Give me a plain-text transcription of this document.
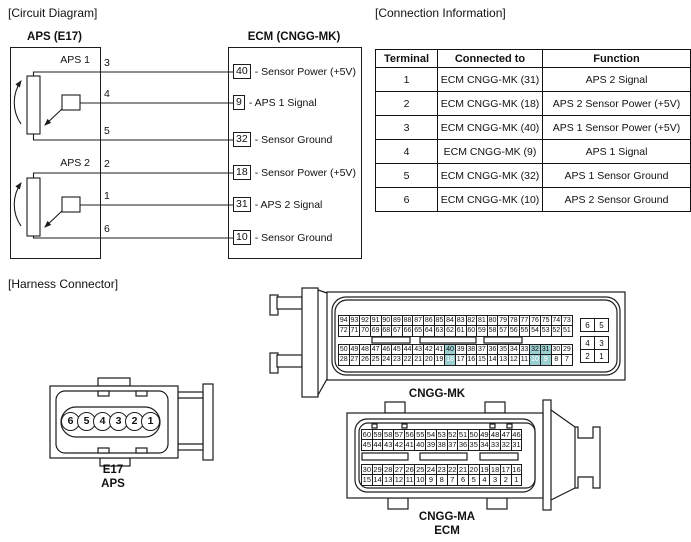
[Circuit Diagram]	[Connection Information]
[Harness Connector]
APS (E17)	ECM (CNGG-MK)
APS 1
APS 2
3
4
5
2
1
6
40 - Sensor Power (+5V)
9 - APS 1 Signal
32 - Sensor Ground
18 - Sensor Power (+5V)
31 - APS 2 Signal
10 - Sensor Ground
Terminal	Connected to	Function
1	ECM CNGG-MK (31)	APS 2 Signal
2	ECM CNGG-MK (18)	APS 2 Sensor Power (+5V)
3	ECM CNGG-MK (40)	APS 1 Sensor Power (+5V)
4	ECM CNGG-MK (9)	APS 1 Signal
5	ECM CNGG-MK (32)	APS 1 Sensor Ground
6	ECM CNGG-MK (10)	APS 2 Sensor Ground
6 5 4 3 2 1
E17
APS
94 93 92 91 90 89 88 87 86 85 84 83 82 81 80 79 78 77 76 75 74 73
72 71 70 69 68 67 66 65 64 63 62 61 60 59 58 57 56 55 54 53 52 51
50 49 48 47 46 45 44 43 42 41 40 39 38 37 36 35 34 33 32 31 30 29
28 27 26 25 24 23 22 21 20 19 18 17 16 15 14 13 12 11 10 9 8 7
6	5
4	3
2	1
CNGG-MK
60 59 58 57 56 55 54 53 52 51 50 49 48 47 46
45 44 43 42 41 40 39 38 37 36 35 34 33 32 31
30 29 28 27 26 25 24 23 22 21 20 19 18 17 16
15 14 13 12 11 10 9 8 7 6 5 4 3 2 1
CNGG-MA
ECM
